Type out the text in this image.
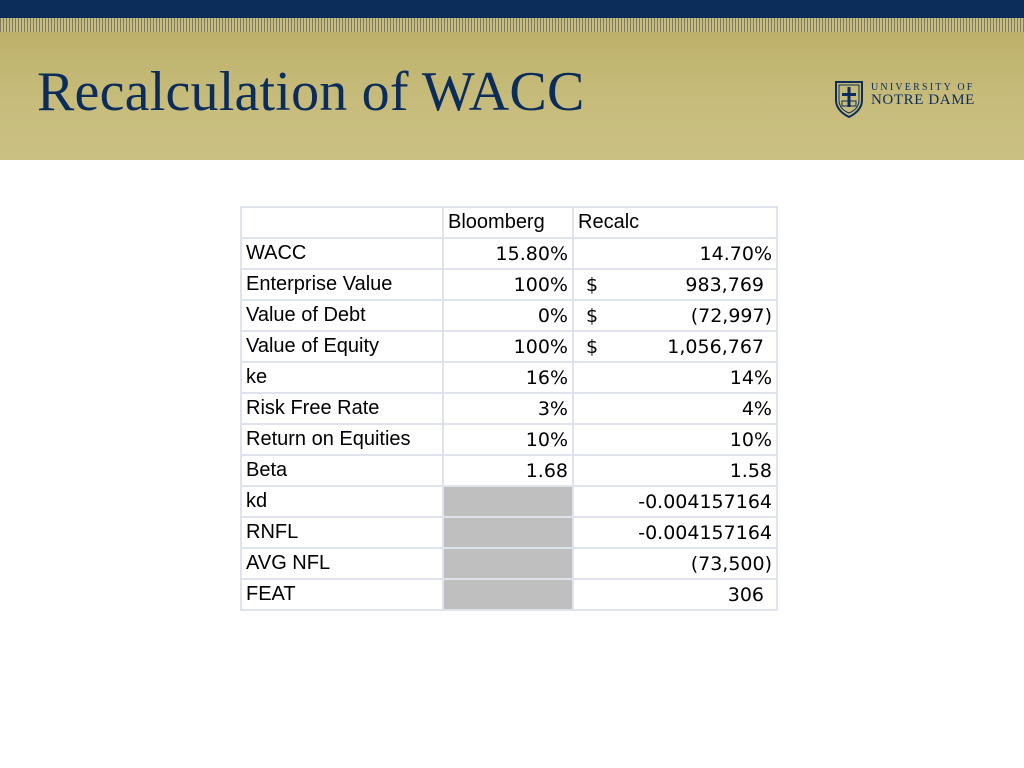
Recalculation of WACC	UNIVERSITY OF
NOTRE DAME
	Bloomberg	Recalc
WACC	15.80%	14.70%
Enterprise Value	100%	$ 983,769
Value of Debt	0%	$ (72,997)
Value of Equity	100%	$ 1,056,767
ke	16%	14%
Risk Free Rate	3%	4%
Return on Equities	10%	10%
Beta	1.68	1.58
kd		-0.004157164
RNFL		-0.004157164
AVG NFL		(73,500)
FEAT		306
